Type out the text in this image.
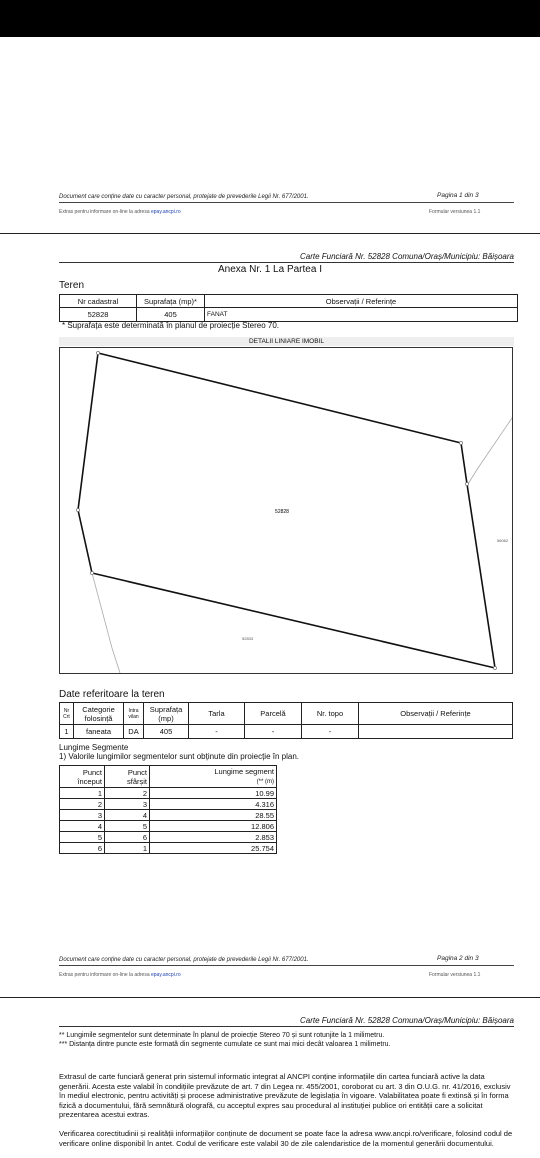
Document care conține date cu caracter personal, protejate de prevederile Legii Nr. 677/2001.	Pagina 1 din 3
Extras pentru informare on-line la adresa epay.ancpi.ro	Formular versiunea 1.1
Carte Funciară Nr. 52828 Comuna/Oraș/Municipiu: Băișoara
Anexa Nr. 1 La Partea I
Teren
Nr cadastral	Suprafața (mp)*	Observații / Referințe
52828	405	FANAT
* Suprafața este determinată în planul de proiecție Stereo 70.
DETALII LINIARE IMOBIL
52828
56062
52833
Date referitoare la teren
Nr Crt	Categorie folosință	Intra vilan	Suprafața (mp)	Tarla	Parcelă	Nr. topo	Observații / Referințe
1	faneata	DA	405	-	-	-	
Lungime Segmente
1) Valorile lungimilor segmentelor sunt obținute din proiecție în plan.
Punct început	Punct sfârșit	Lungime segment
(** (m)
1	2	10.99
2	3	4.316
3	4	28.55
4	5	12.806
5	6	2.853
6	1	25.754
Document care conține date cu caracter personal, protejate de prevederile Legii Nr. 677/2001.	Pagina 2 din 3
Extras pentru informare on-line la adresa epay.ancpi.ro	Formular versiunea 1.1
Carte Funciară Nr. 52828 Comuna/Oraș/Municipiu: Băișoara
** Lungimile segmentelor sunt determinate în planul de proiecție Stereo 70 și sunt rotunjite la 1 milimetru.
*** Distanța dintre puncte este formată din segmente cumulate ce sunt mai mici decât valoarea 1 milimetru.
Extrasul de carte funciară generat prin sistemul informatic integrat al ANCPI conține informațiile din cartea funciară active la data generării. Acesta este valabil în condițiile prevăzute de art. 7 din Legea nr. 455/2001, coroborat cu art. 3 din O.U.G. nr. 41/2016, exclusiv în mediul electronic, pentru activități și procese administrative prevăzute de legislația în vigoare. Valabilitatea poate fi extinsă și în forma fizică a documentului, fără semnătură olografă, cu acceptul expres sau procedural al instituției publice ori entității care a solicitat prezentarea acestui extras.
Verificarea corectitudinii și realității informațiilor conținute de document se poate face la adresa www.ancpi.ro/verificare, folosind codul de verificare online disponibil în antet. Codul de verificare este valabil 30 de zile calendaristice de la momentul generării documentului.
